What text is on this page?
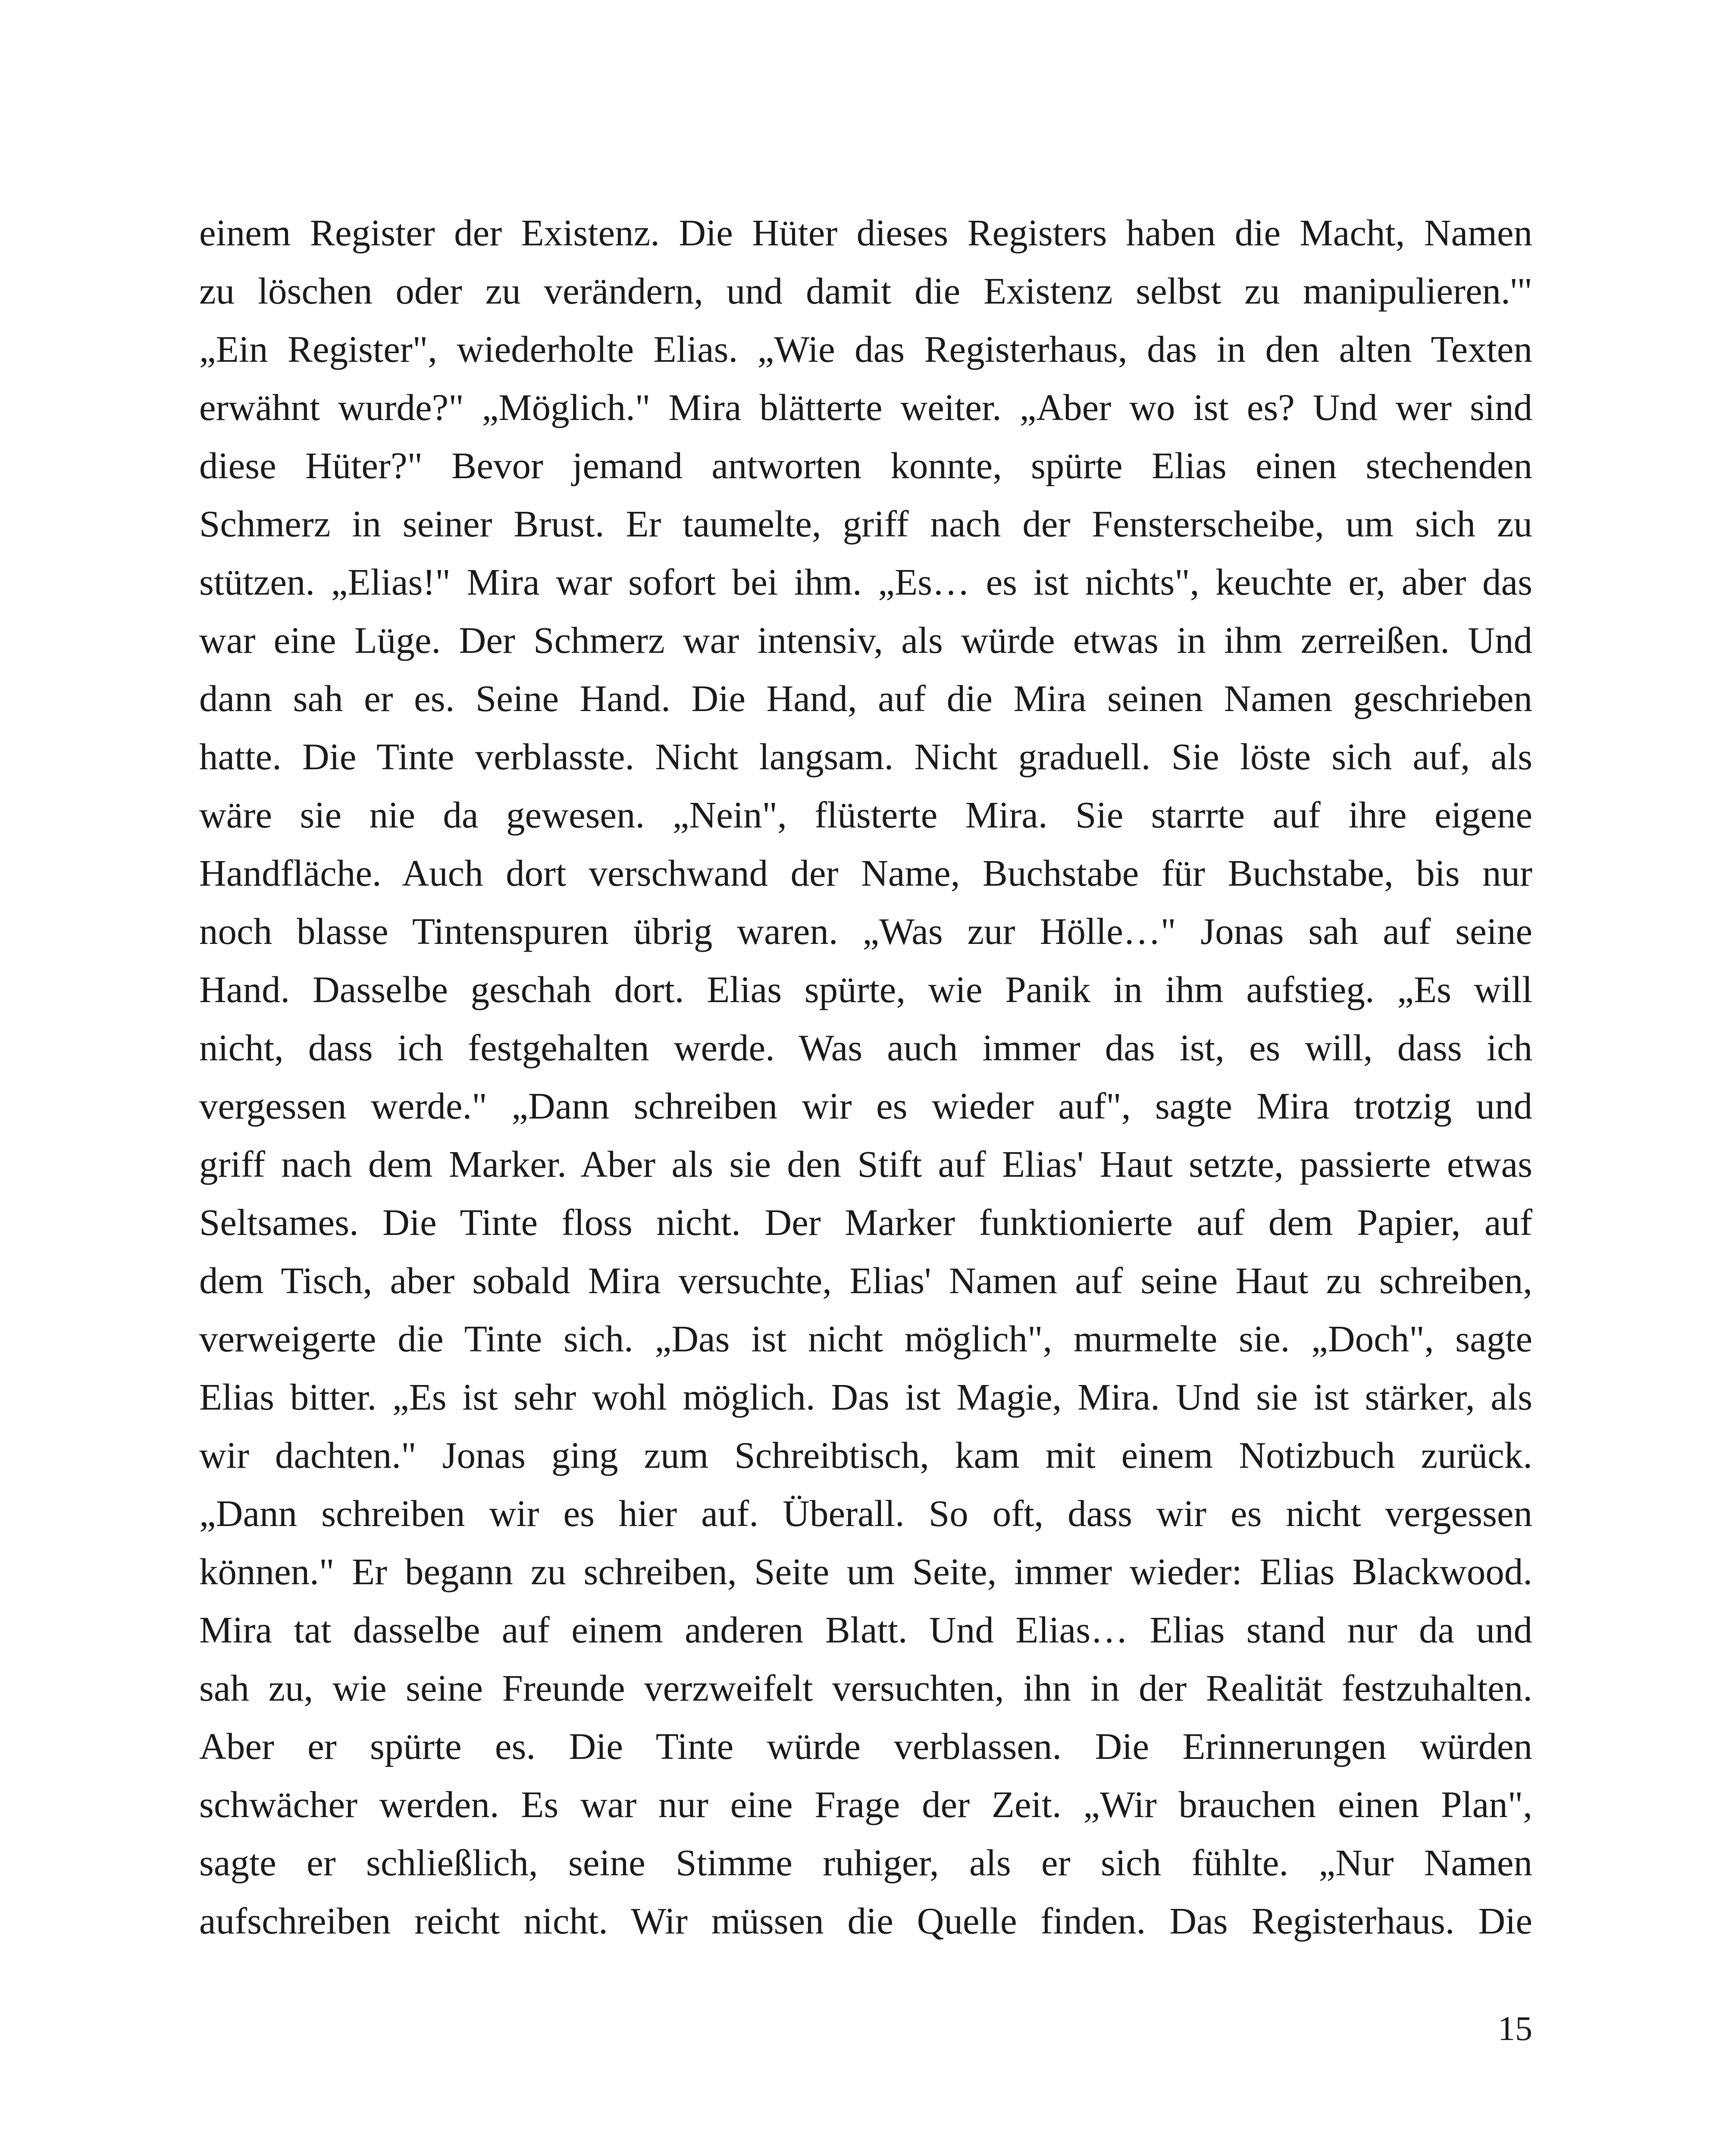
einem Register der Existenz. Die Hüter dieses Registers haben die Macht, Namen
zu löschen oder zu verändern, und damit die Existenz selbst zu manipulieren.'"
„Ein Register", wiederholte Elias. „Wie das Registerhaus, das in den alten Texten
erwähnt wurde?" „Möglich." Mira blätterte weiter. „Aber wo ist es? Und wer sind
diese Hüter?" Bevor jemand antworten konnte, spürte Elias einen stechenden
Schmerz in seiner Brust. Er taumelte, griff nach der Fensterscheibe, um sich zu
stützen. „Elias!" Mira war sofort bei ihm. „Es… es ist nichts", keuchte er, aber das
war eine Lüge. Der Schmerz war intensiv, als würde etwas in ihm zerreißen. Und
dann sah er es. Seine Hand. Die Hand, auf die Mira seinen Namen geschrieben
hatte. Die Tinte verblasste. Nicht langsam. Nicht graduell. Sie löste sich auf, als
wäre sie nie da gewesen. „Nein", flüsterte Mira. Sie starrte auf ihre eigene
Handfläche. Auch dort verschwand der Name, Buchstabe für Buchstabe, bis nur
noch blasse Tintenspuren übrig waren. „Was zur Hölle…" Jonas sah auf seine
Hand. Dasselbe geschah dort. Elias spürte, wie Panik in ihm aufstieg. „Es will
nicht, dass ich festgehalten werde. Was auch immer das ist, es will, dass ich
vergessen werde." „Dann schreiben wir es wieder auf", sagte Mira trotzig und
griff nach dem Marker. Aber als sie den Stift auf Elias' Haut setzte, passierte etwas
Seltsames. Die Tinte floss nicht. Der Marker funktionierte auf dem Papier, auf
dem Tisch, aber sobald Mira versuchte, Elias' Namen auf seine Haut zu schreiben,
verweigerte die Tinte sich. „Das ist nicht möglich", murmelte sie. „Doch", sagte
Elias bitter. „Es ist sehr wohl möglich. Das ist Magie, Mira. Und sie ist stärker, als
wir dachten." Jonas ging zum Schreibtisch, kam mit einem Notizbuch zurück.
„Dann schreiben wir es hier auf. Überall. So oft, dass wir es nicht vergessen
können." Er begann zu schreiben, Seite um Seite, immer wieder: Elias Blackwood.
Mira tat dasselbe auf einem anderen Blatt. Und Elias… Elias stand nur da und
sah zu, wie seine Freunde verzweifelt versuchten, ihn in der Realität festzuhalten.
Aber er spürte es. Die Tinte würde verblassen. Die Erinnerungen würden
schwächer werden. Es war nur eine Frage der Zeit. „Wir brauchen einen Plan",
sagte er schließlich, seine Stimme ruhiger, als er sich fühlte. „Nur Namen
aufschreiben reicht nicht. Wir müssen die Quelle finden. Das Registerhaus. Die
15
